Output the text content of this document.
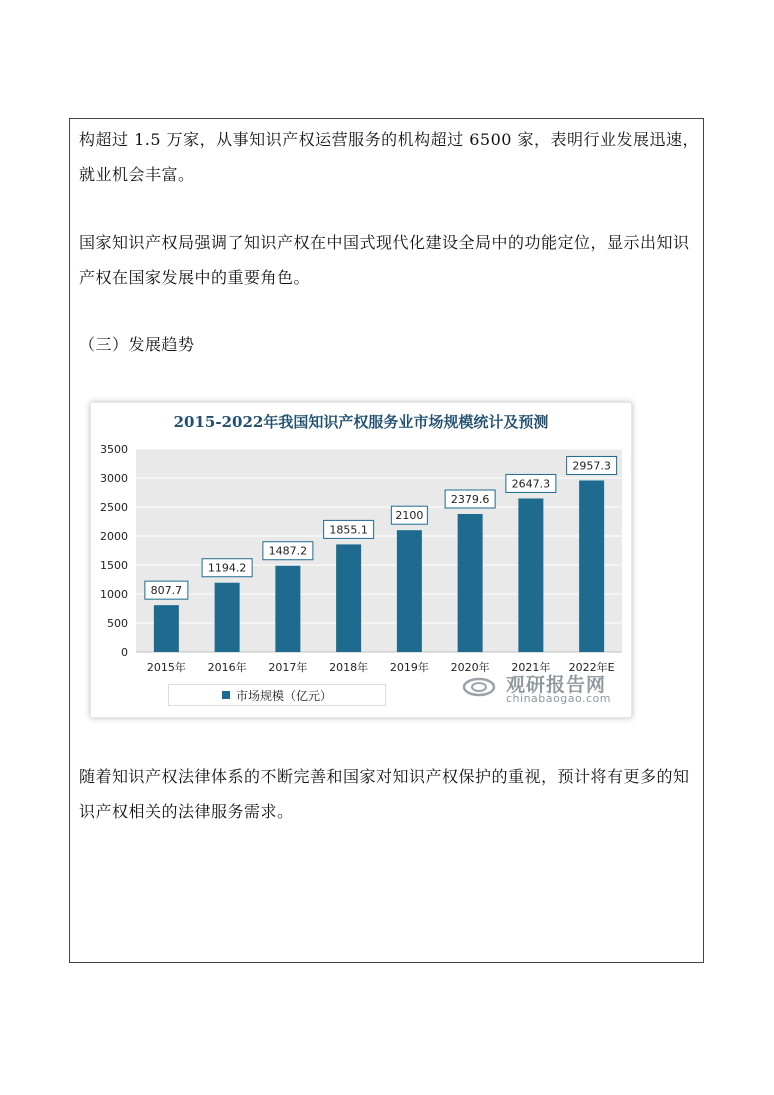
构超过 1.5 万家，从事知识产权运营服务的机构超过 6500 家，表明行业发展迅速，就业机会丰富。

国家知识产权局强调了知识产权在中国式现代化建设全局中的功能定位，显示出知识产权在国家发展中的重要角色。

（三）发展趋势

2015-2022年我国知识产权服务业市场规模统计及预测
0
500
1000
1500
2000
2500
3000
3500
807.7
2015年
1194.2
2016年
1487.2
2017年
1855.1
2018年
2100
2019年
2379.6
2020年
2647.3
2021年
2957.3
2022年E
市场规模（亿元）	观研报告网
chinabaogao.com

随着知识产权法律体系的不断完善和国家对知识产权保护的重视，预计将有更多的知识产权相关的法律服务需求。
